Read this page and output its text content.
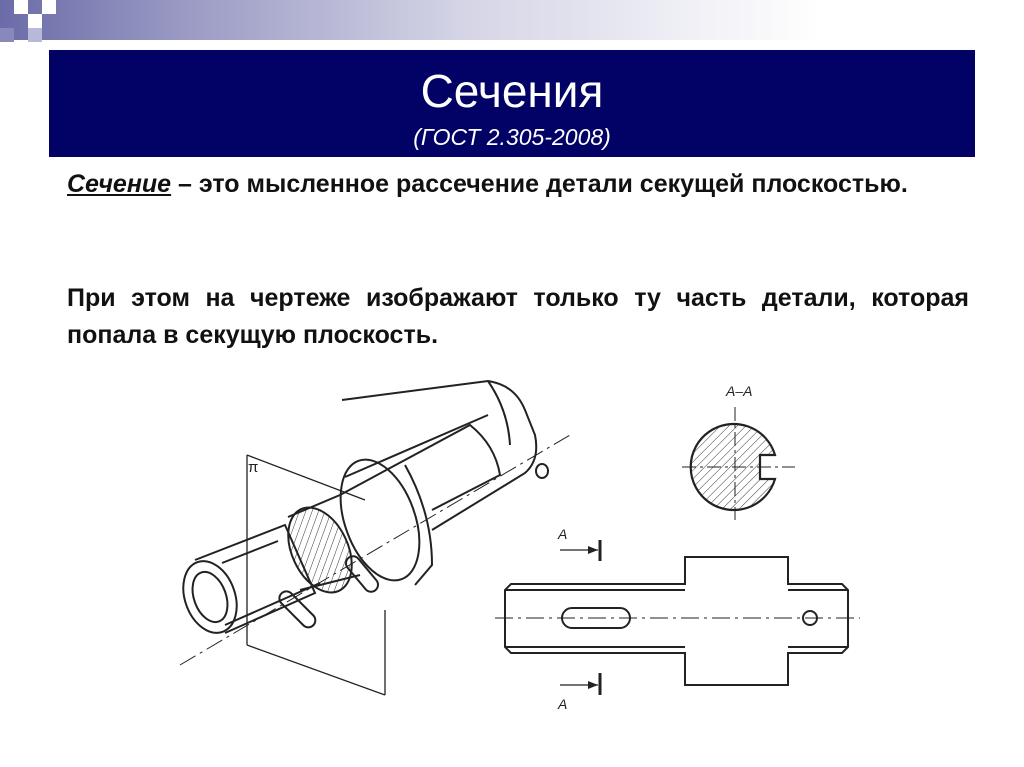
Сечения
(ГОСТ 2.305-2008)
Сечение – это мысленное рассечение детали секущей плоскостью.
При этом на чертеже изображают только ту часть детали, которая попала в секущую плоскость.
π
А–А
А
А
